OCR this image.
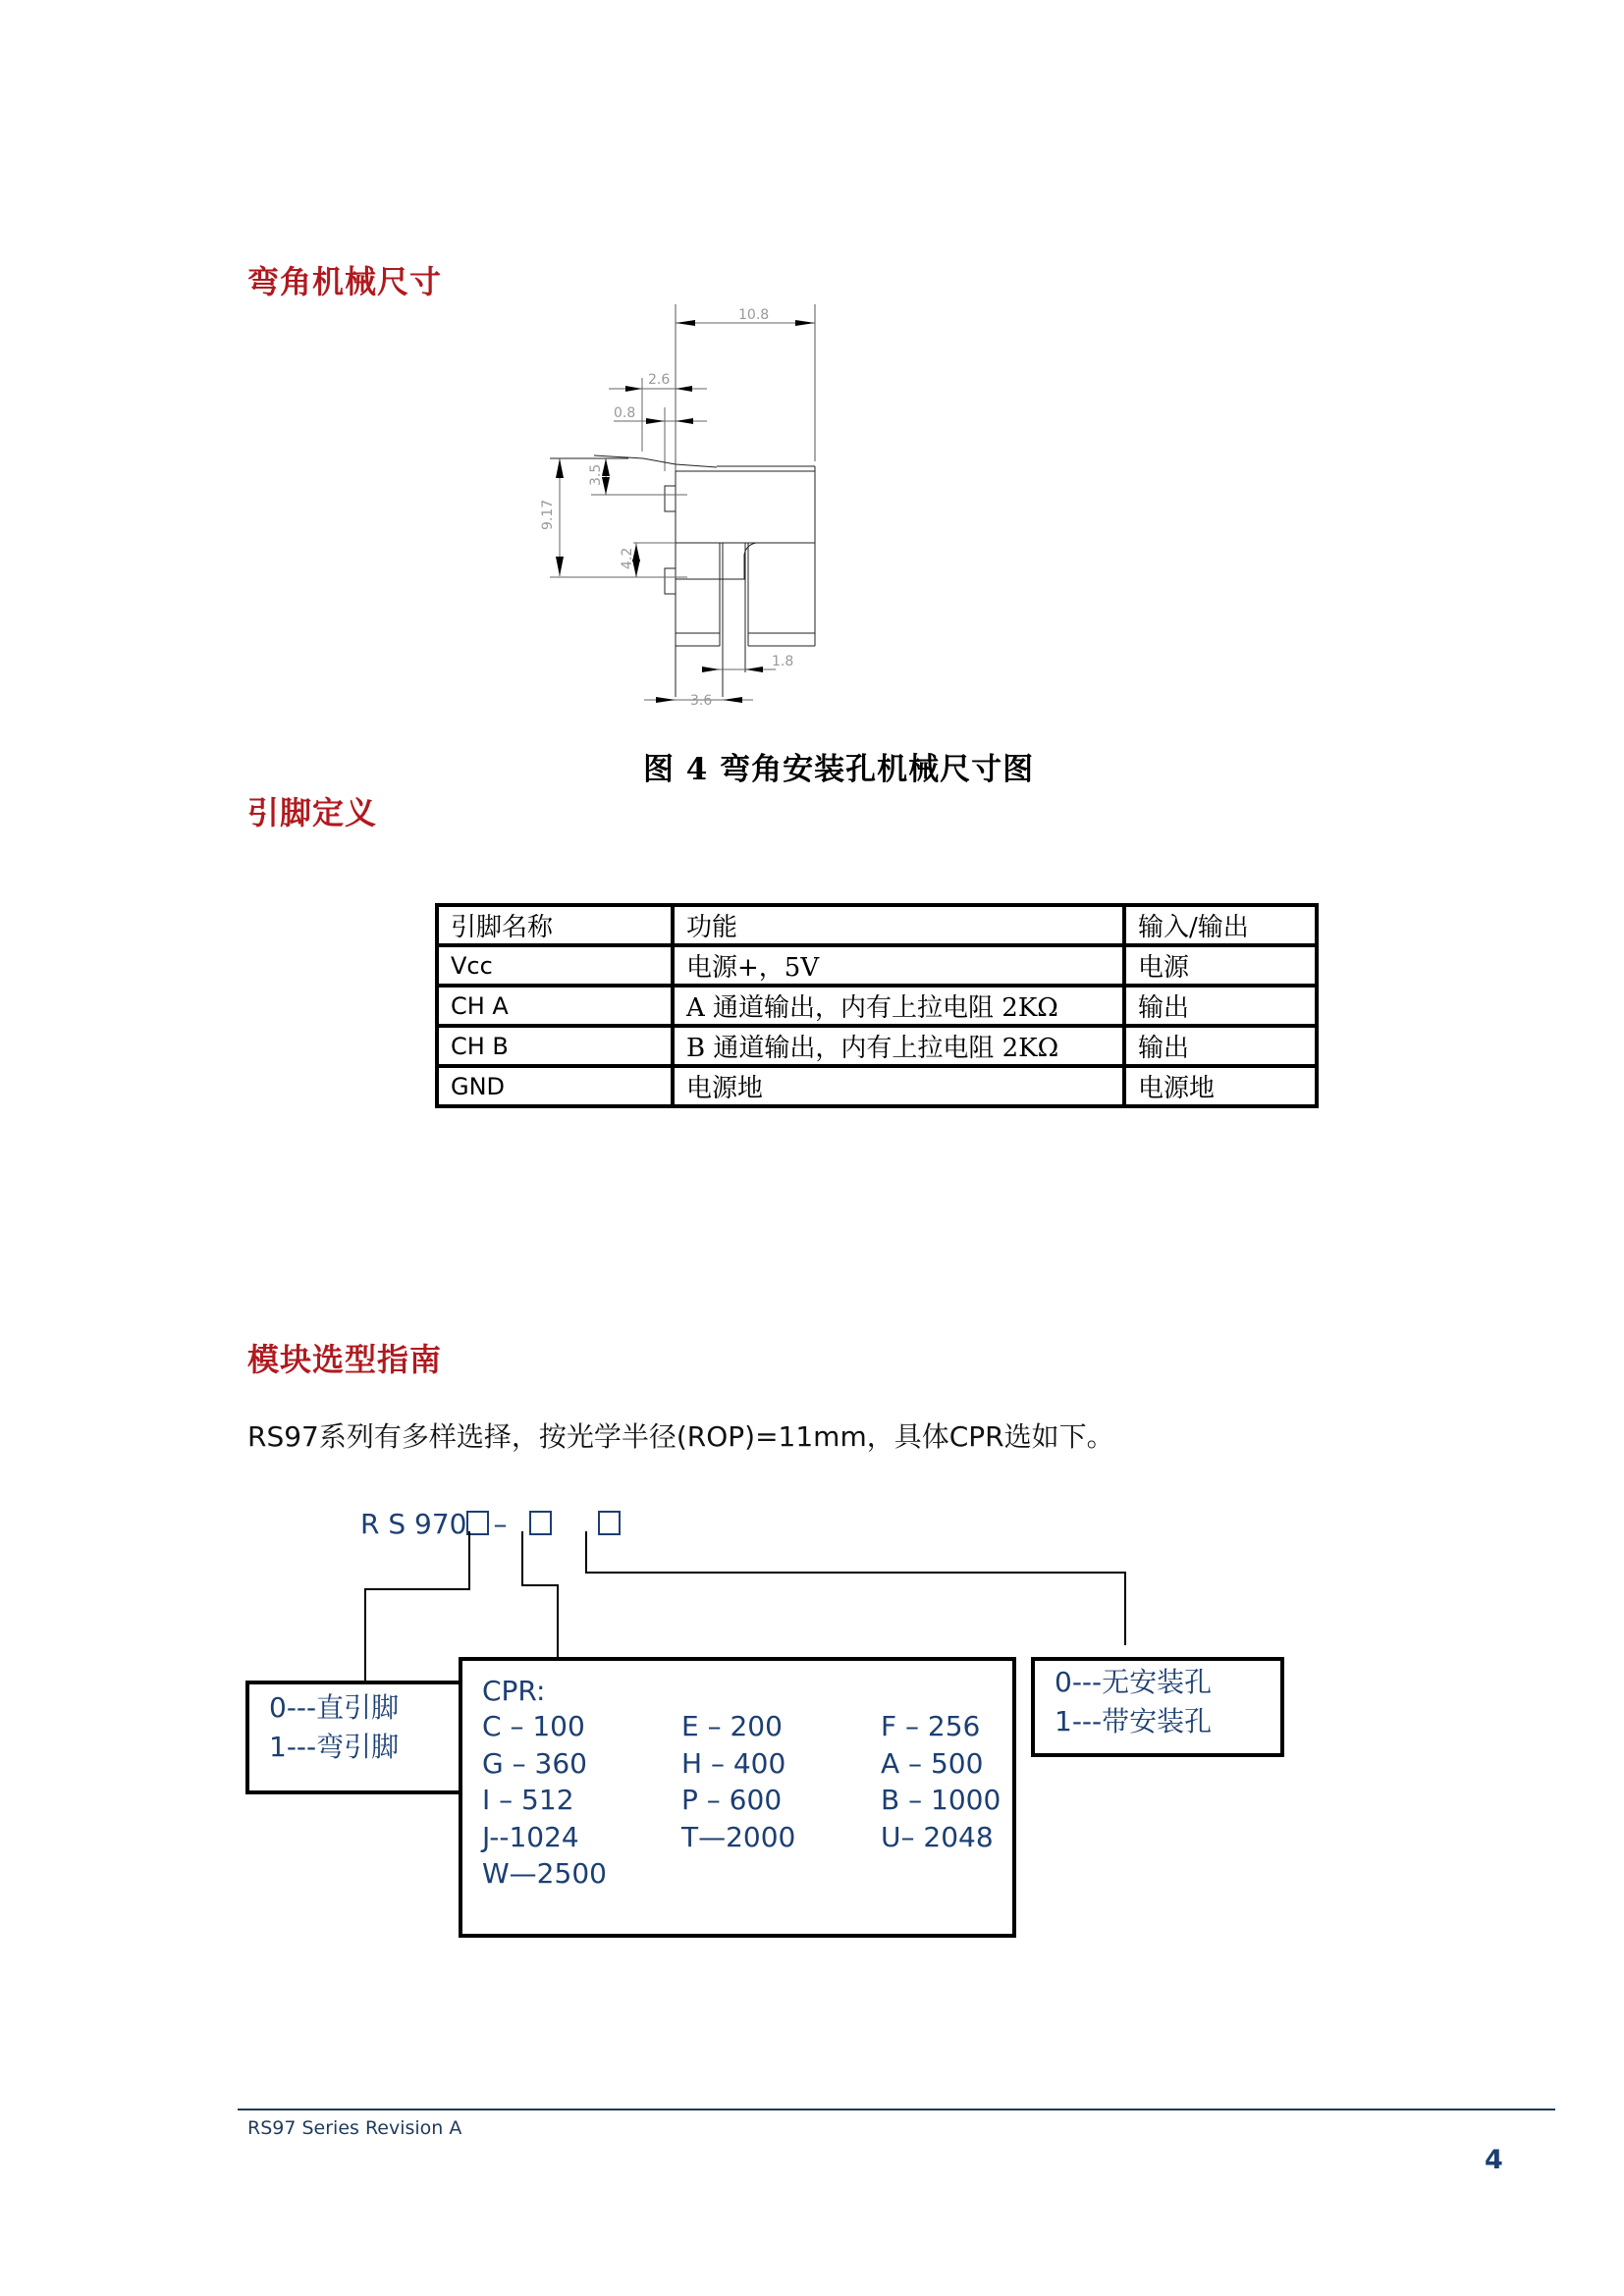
弯角机械尺寸
10.8
2.6
0.8
9.17
3.5
4.2
1.8
3.6
图 4 弯角安装孔机械尺寸图
引脚定义
引脚名称	功能	输入/输出
Vcc	电源+，5V	电源
CH A	A 通道输出，内有上拉电阻 2KΩ	输出
CH B	B 通道输出，内有上拉电阻 2KΩ	输出
GND	电源地	电源地
模块选型指南
RS97系列有多样选择，按光学半径(ROP)=11mm，具体CPR选如下。
R S 970 –
0---直引脚
1---弯引脚
CPR:
C – 100	E – 200	F – 256
G – 360	H – 400	A – 500
I – 512	P – 600	B – 1000
J--1024	T—2000	U– 2048
W—2500
0---无安装孔
1---带安装孔
RS97 Series Revision A
4
